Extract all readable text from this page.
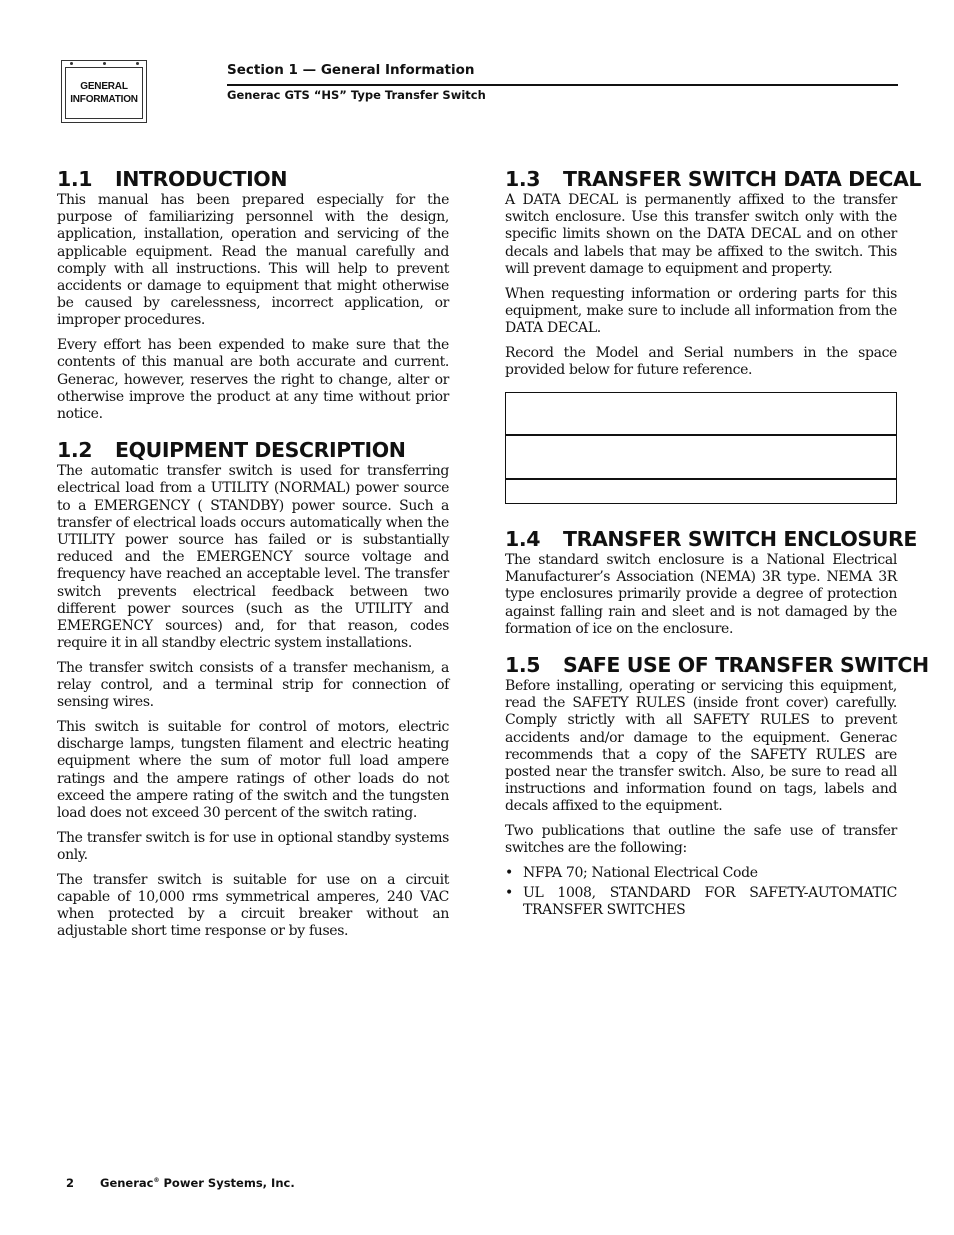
GENERAL
INFORMATION
Section 1 — General Information
Generac GTS “HS” Type Transfer Switch
1.1 INTRODUCTION

This manual has been prepared especially for the purpose of familiarizing personnel with the design, application, installation, operation and servicing of the applicable equipment. Read the manual carefully and comply with all instructions. This will help to prevent accidents or damage to equipment that might otherwise be caused by carelessness, incorrect application, or improper procedures.

Every effort has been expended to make sure that the contents of this manual are both accurate and current. Generac, however, reserves the right to change, alter or otherwise improve the product at any time without prior notice.

1.2 EQUIPMENT DESCRIPTION

The automatic transfer switch is used for transferring electrical load from a UTILITY (NORMAL) power source to a EMERGENCY ( STANDBY) power source. Such a transfer of electrical loads occurs automatically when the UTILITY power source has failed or is substantially reduced and the EMERGENCY source voltage and frequency have reached an acceptable level. The transfer switch prevents electrical feedback between two different power sources (such as the UTILITY and EMERGENCY sources) and, for that reason, codes require it in all standby electric system installations.

The transfer switch consists of a transfer mechanism, a relay control, and a terminal strip for connection of sensing wires.

This switch is suitable for control of motors, electric discharge lamps, tungsten filament and electric heating equipment where the sum of motor full load ampere ratings and the ampere ratings of other loads do not exceed the ampere rating of the switch and the tungsten load does not exceed 30 percent of the switch rating.

The transfer switch is for use in optional standby systems only.

The transfer switch is suitable for use on a circuit capable of 10,000 rms symmetrical amperes, 240 VAC when protected by a circuit breaker without an adjustable short time response or by fuses.

1.3 TRANSFER SWITCH DATA DECAL

A DATA DECAL is permanently affixed to the transfer switch enclosure. Use this transfer switch only with the specific limits shown on the DATA DECAL and on other decals and labels that may be affixed to the switch. This will prevent damage to equipment and property.

When requesting information or ordering parts for this equipment, make sure to include all information from the DATA DECAL.

Record the Model and Serial numbers in the space provided below for future reference.

1.4 TRANSFER SWITCH ENCLOSURE

The standard switch enclosure is a National Electrical Manufacturer’s Association (NEMA) 3R type. NEMA 3R type enclosures primarily provide a degree of protection against falling rain and sleet and is not damaged by the formation of ice on the enclosure.

1.5 SAFE USE OF TRANSFER SWITCH

Before installing, operating or servicing this equipment, read the SAFETY RULES (inside front cover) carefully. Comply strictly with all SAFETY RULES to prevent accidents and/or damage to the equipment. Generac recommends that a copy of the SAFETY RULES are posted near the transfer switch. Also, be sure to read all instructions and information found on tags, labels and decals affixed to the equipment.

Two publications that outline the safe use of transfer switches are the following:

• NFPA 70; National Electrical Code
• UL 1008, STANDARD FOR SAFETY-AUTOMATIC TRANSFER SWITCHES
2 Generac® Power Systems, Inc.
